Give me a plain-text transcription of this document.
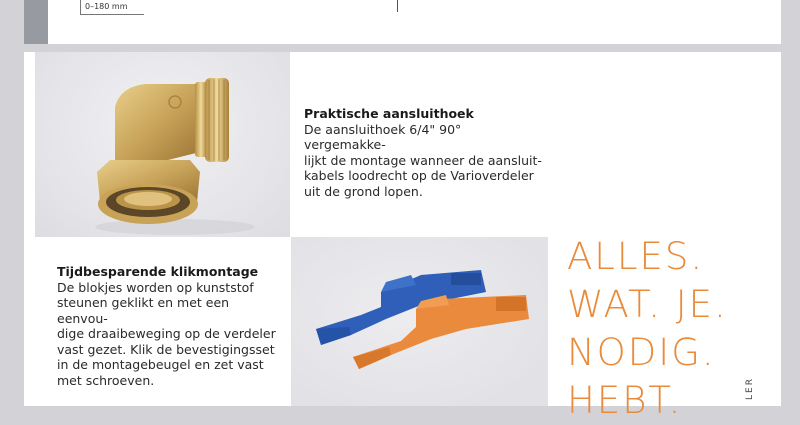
0–180 mm
Praktische aansluithoek
De aansluithoek 6/4" 90° vergemakke-
lijkt de montage wanneer de aansluit-
kabels loodrecht op de Varioverdeler
uit de grond lopen.
Tijdbesparende klikmontage
De blokjes worden op kunststof
steunen geklikt en met een eenvou-
dige draaibeweging op de verdeler
vast gezet. Klik de bevestigingsset
in de montagebeugel en zet vast
met schroeven.
ALLES.
WAT. JE.
NODIG.
HEBT.	LER
